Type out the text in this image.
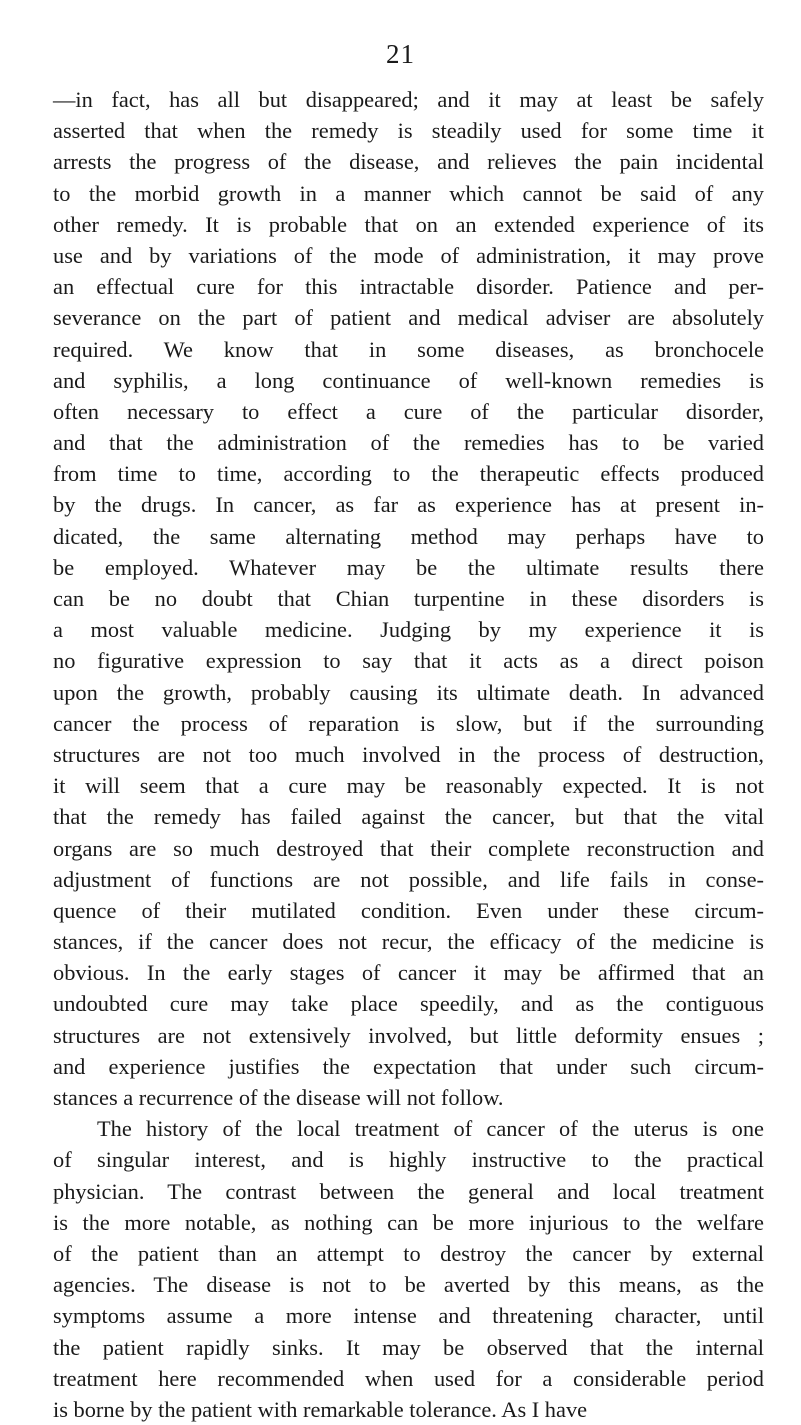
21
—in fact, has all but disappeared; and it may at least be safely
asserted that when the remedy is steadily used for some time it
arrests the progress of the disease, and relieves the pain incidental
to the morbid growth in a manner which cannot be said of any
other remedy. It is probable that on an extended experience of its
use and by variations of the mode of administration, it may prove
an effectual cure for this intractable disorder. Patience and per-
severance on the part of patient and medical adviser are absolutely
required. We know that in some diseases, as bronchocele
and syphilis, a long continuance of well-known remedies is
often necessary to effect a cure of the particular disorder,
and that the administration of the remedies has to be varied
from time to time, according to the therapeutic effects produced
by the drugs. In cancer, as far as experience has at present in-
dicated, the same alternating method may perhaps have to
be employed. Whatever may be the ultimate results there
can be no doubt that Chian turpentine in these disorders is
a most valuable medicine. Judging by my experience it is
no figurative expression to say that it acts as a direct poison
upon the growth, probably causing its ultimate death. In advanced
cancer the process of reparation is slow, but if the surrounding
structures are not too much involved in the process of destruction,
it will seem that a cure may be reasonably expected. It is not
that the remedy has failed against the cancer, but that the vital
organs are so much destroyed that their complete reconstruction and
adjustment of functions are not possible, and life fails in conse-
quence of their mutilated condition. Even under these circum-
stances, if the cancer does not recur, the efficacy of the medicine is
obvious. In the early stages of cancer it may be affirmed that an
undoubted cure may take place speedily, and as the contiguous
structures are not extensively involved, but little deformity ensues ;
and experience justifies the expectation that under such circum-
stances a recurrence of the disease will not follow.
The history of the local treatment of cancer of the uterus is one
of singular interest, and is highly instructive to the practical
physician. The contrast between the general and local treatment
is the more notable, as nothing can be more injurious to the welfare
of the patient than an attempt to destroy the cancer by external
agencies. The disease is not to be averted by this means, as the
symptoms assume a more intense and threatening character, until
the patient rapidly sinks. It may be observed that the internal
treatment here recommended when used for a considerable period
is borne by the patient with remarkable tolerance. As I have
